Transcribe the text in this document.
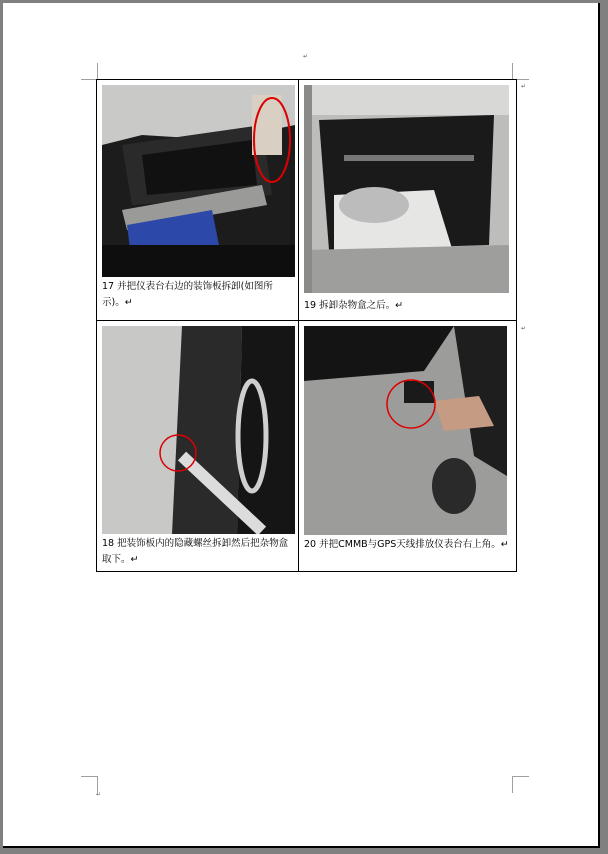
↵
↵
↵
↵
17 并把仪表台右边的装饰板拆卸(如图所示)。↵	19 拆卸杂物盒之后。↵

18 把装饰板内的隐藏螺丝拆卸然后把杂物盒取下。↵	20 并把CMMB与GPS天线排放仪表台右上角。↵
